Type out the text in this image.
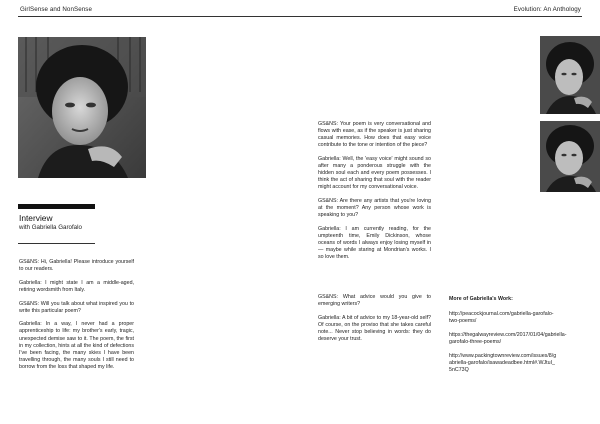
GirlSense and NonSense	Evolution: An Anthology
Interview
with Gabriella Garofalo

GS&NS: Hi, Gabriella! Please introduce yourself to our readers.

Gabriella: I might state I am a middle-aged, retiring wordsmith from Italy.

GS&NS: Will you talk about what inspired you to write this particular poem?

Gabriella: In a way, I never had a proper apprenticeship to life: my brother's early, tragic, unexpected demise saw to it. The poem, the first in my collection, hints at all the kind of defections I've been facing, the many skies I have been travelling through, the many souls I still need to borrow from the loss that shaped my life.

GS&NS: Your poem is very conversational and flows with ease, as if the speaker is just sharing casual memories. How does that easy voice contribute to the tone or intention of the piece?

Gabriella: Well, the 'easy voice' might sound so after many a ponderous struggle with the hidden soul each and every poem possesses. I think the act of sharing that soul with the reader might account for my conversational voice.

GS&NS: Are there any artists that you're loving at the moment? Any person whose work is speaking to you?

Gabriella: I am currently reading, for the umpteenth time, Emily Dickinson, whose oceans of words I always enjoy losing myself in — maybe while staring at Mondrian's works. I so love them.

GS&NS: What advice would you give to emerging writers?

Gabriella: A bit of advice to my 18-year-old self? Of course, on the proviso that she takes careful note... Never stop believing in words: they do deserve your trust.

More of Gabriella's Work:

http://peacockjournal.com/gabriella-garofalo-two-poems/

https://thegalwayreview.com/2017/01/04/gabriella-garofalo-three-poems/

http://www.packingtownreview.com/issues/8/gabriella-garofalo/isawadeadbee.html#.WJtuI_5nC73Q
